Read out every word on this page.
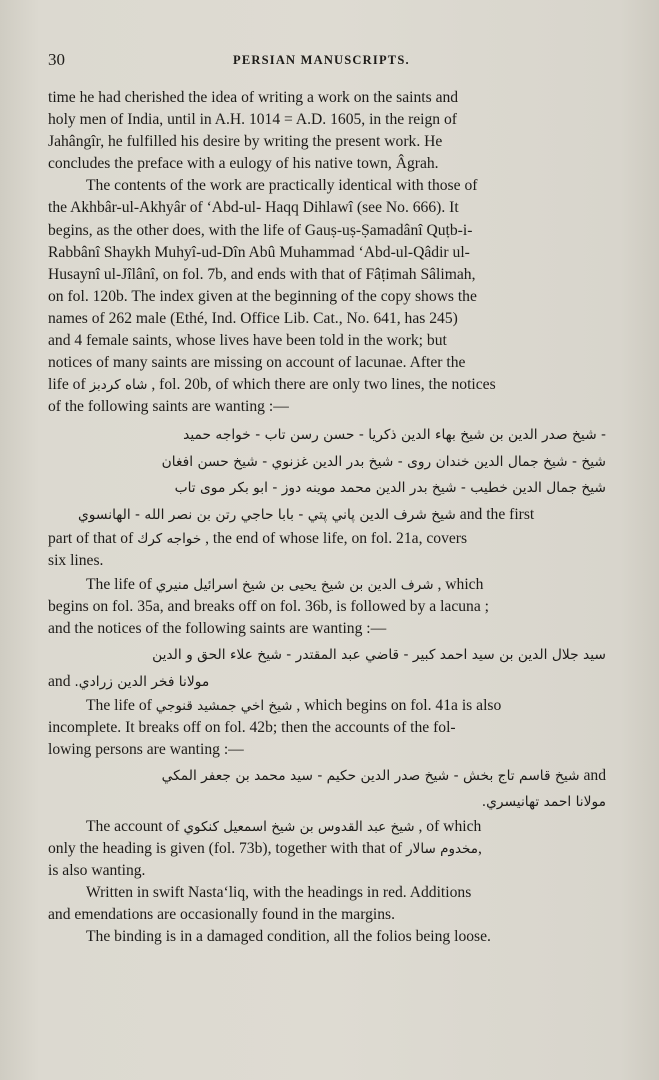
30	PERSIAN MANUSCRIPTS.
time he had cherished the idea of writing a work on the saints and
holy men of India, until in A.H. 1014 = A.D. 1605, in the reign of
Jahângîr, he fulfilled his desire by writing the present work. He
concludes the preface with a eulogy of his native town, Âgrah.
The contents of the work are practically identical with those of
the Akhbâr-ul-Akhyâr of ‘Abd-ul- Haqq Dihlawî (see No. 666). It
begins, as the other does, with the life of Gauṣ-uṣ-Ṣamadânî Quṭb-i-
Rabbânî Shaykh Muhyî-ud-Dîn Abû Muhammad ‘Abd-ul-Qâdir ul-
Husaynî ul-Jîlânî, on fol. 7b, and ends with that of Fâṭimah Sâlimah,
on fol. 120b. The index given at the beginning of the copy shows the
names of 262 male (Ethé, Ind. Office Lib. Cat., No. 641, has 245)
and 4 female saints, whose lives have been told in the work; but
notices of many saints are missing on account of lacunae. After the
life of شاه كردبز , fol. 20b, of which there are only two lines, the notices
of the following saints are wanting :—
- شيخ صدر الدين بن شيخ بهاء الدين ذكريا - حسن رسن تاب - خواجه حميد
شيخ - شيخ جمال الدين خندان روى - شيخ بدر الدين غزنوي - شيخ حسن افغان
شيخ جمال الدين خطيب - شيخ بدر الدين محمد موينه دوز - ابو بكر موى تاب
شيخ شرف الدين پاني پتي - بابا حاجي رتن بن نصر الله - الهانسوي and the first
part of that of خواجه كرك , the end of whose life, on fol. 21a, covers
six lines.
The life of شرف الدين بن شيخ يحيى بن شيخ اسرائيل منيري , which
begins on fol. 35a, and breaks off on fol. 36b, is followed by a lacuna ;
and the notices of the following saints are wanting :—
سيد جلال الدين بن سيد احمد كبير - قاضي عبد المقتدر - شيخ علاء الحق و الدين
and مولانا فخر الدين زرادي.
The life of شيخ اخي جمشيد قنوجي , which begins on fol. 41a is also
incomplete. It breaks off on fol. 42b; then the accounts of the fol-
lowing persons are wanting :—
شيخ قاسم تاج بخش - شيخ صدر الدين حكيم - سيد محمد بن جعفر المكي and
مولانا احمد تهانيسري.
The account of شيخ عبد القدوس بن شيخ اسمعيل كنكوي , of which
only the heading is given (fol. 73b), together with that of مخدوم سالار,
is also wanting.
Written in swift Nasta‘liq, with the headings in red. Additions
and emendations are occasionally found in the margins.
The binding is in a damaged condition, all the folios being loose.
